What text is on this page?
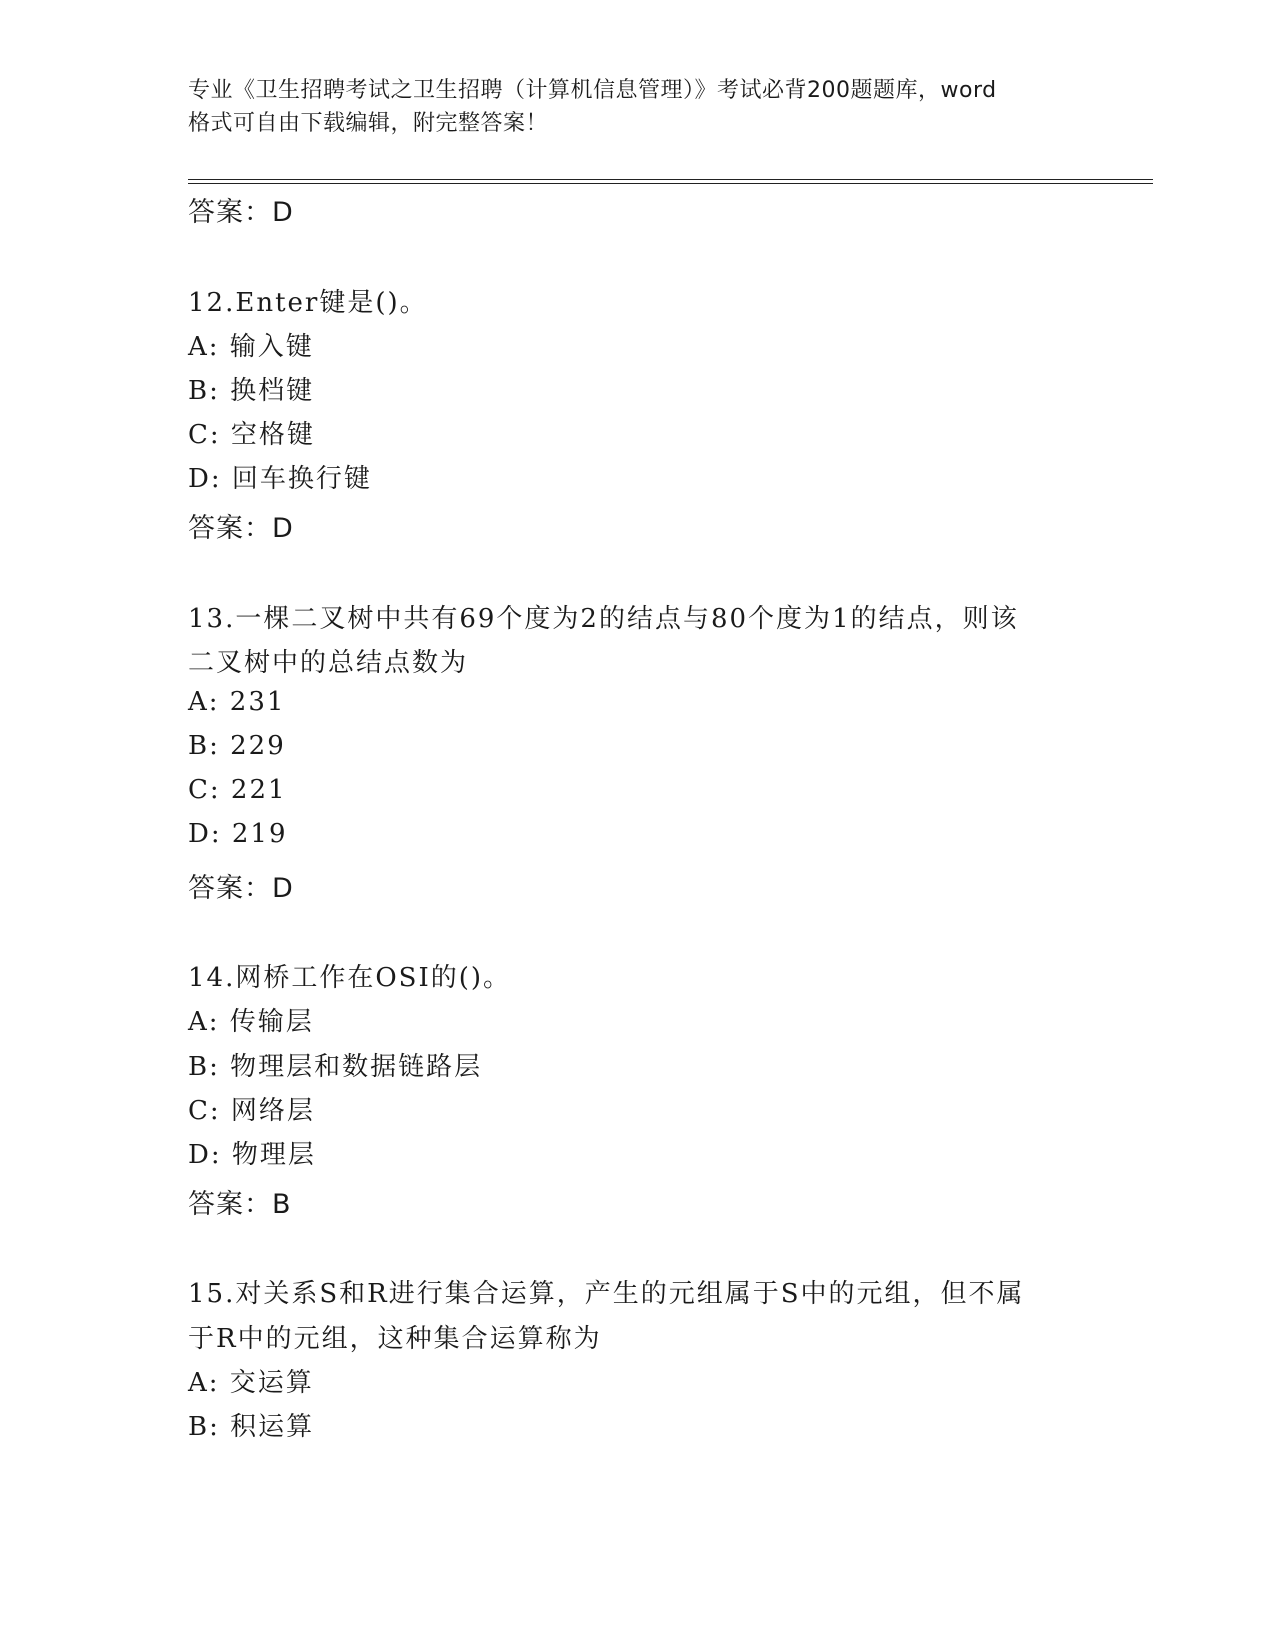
专业《卫生招聘考试之卫生招聘（计算机信息管理）》考试必背200题题库，word
格式可自由下载编辑，附完整答案！
答案：D
12.Enter键是()。
A: 输入键
B: 换档键
C: 空格键
D: 回车换行键
答案：D
13.一棵二叉树中共有69个度为2的结点与80个度为1的结点，则该
二叉树中的总结点数为
A: 231
B: 229
C: 221
D: 219
答案：D
14.网桥工作在OSI的()。
A: 传输层
B: 物理层和数据链路层
C: 网络层
D: 物理层
答案：B
15.对关系S和R进行集合运算，产生的元组属于S中的元组，但不属
于R中的元组，这种集合运算称为
A: 交运算
B: 积运算
